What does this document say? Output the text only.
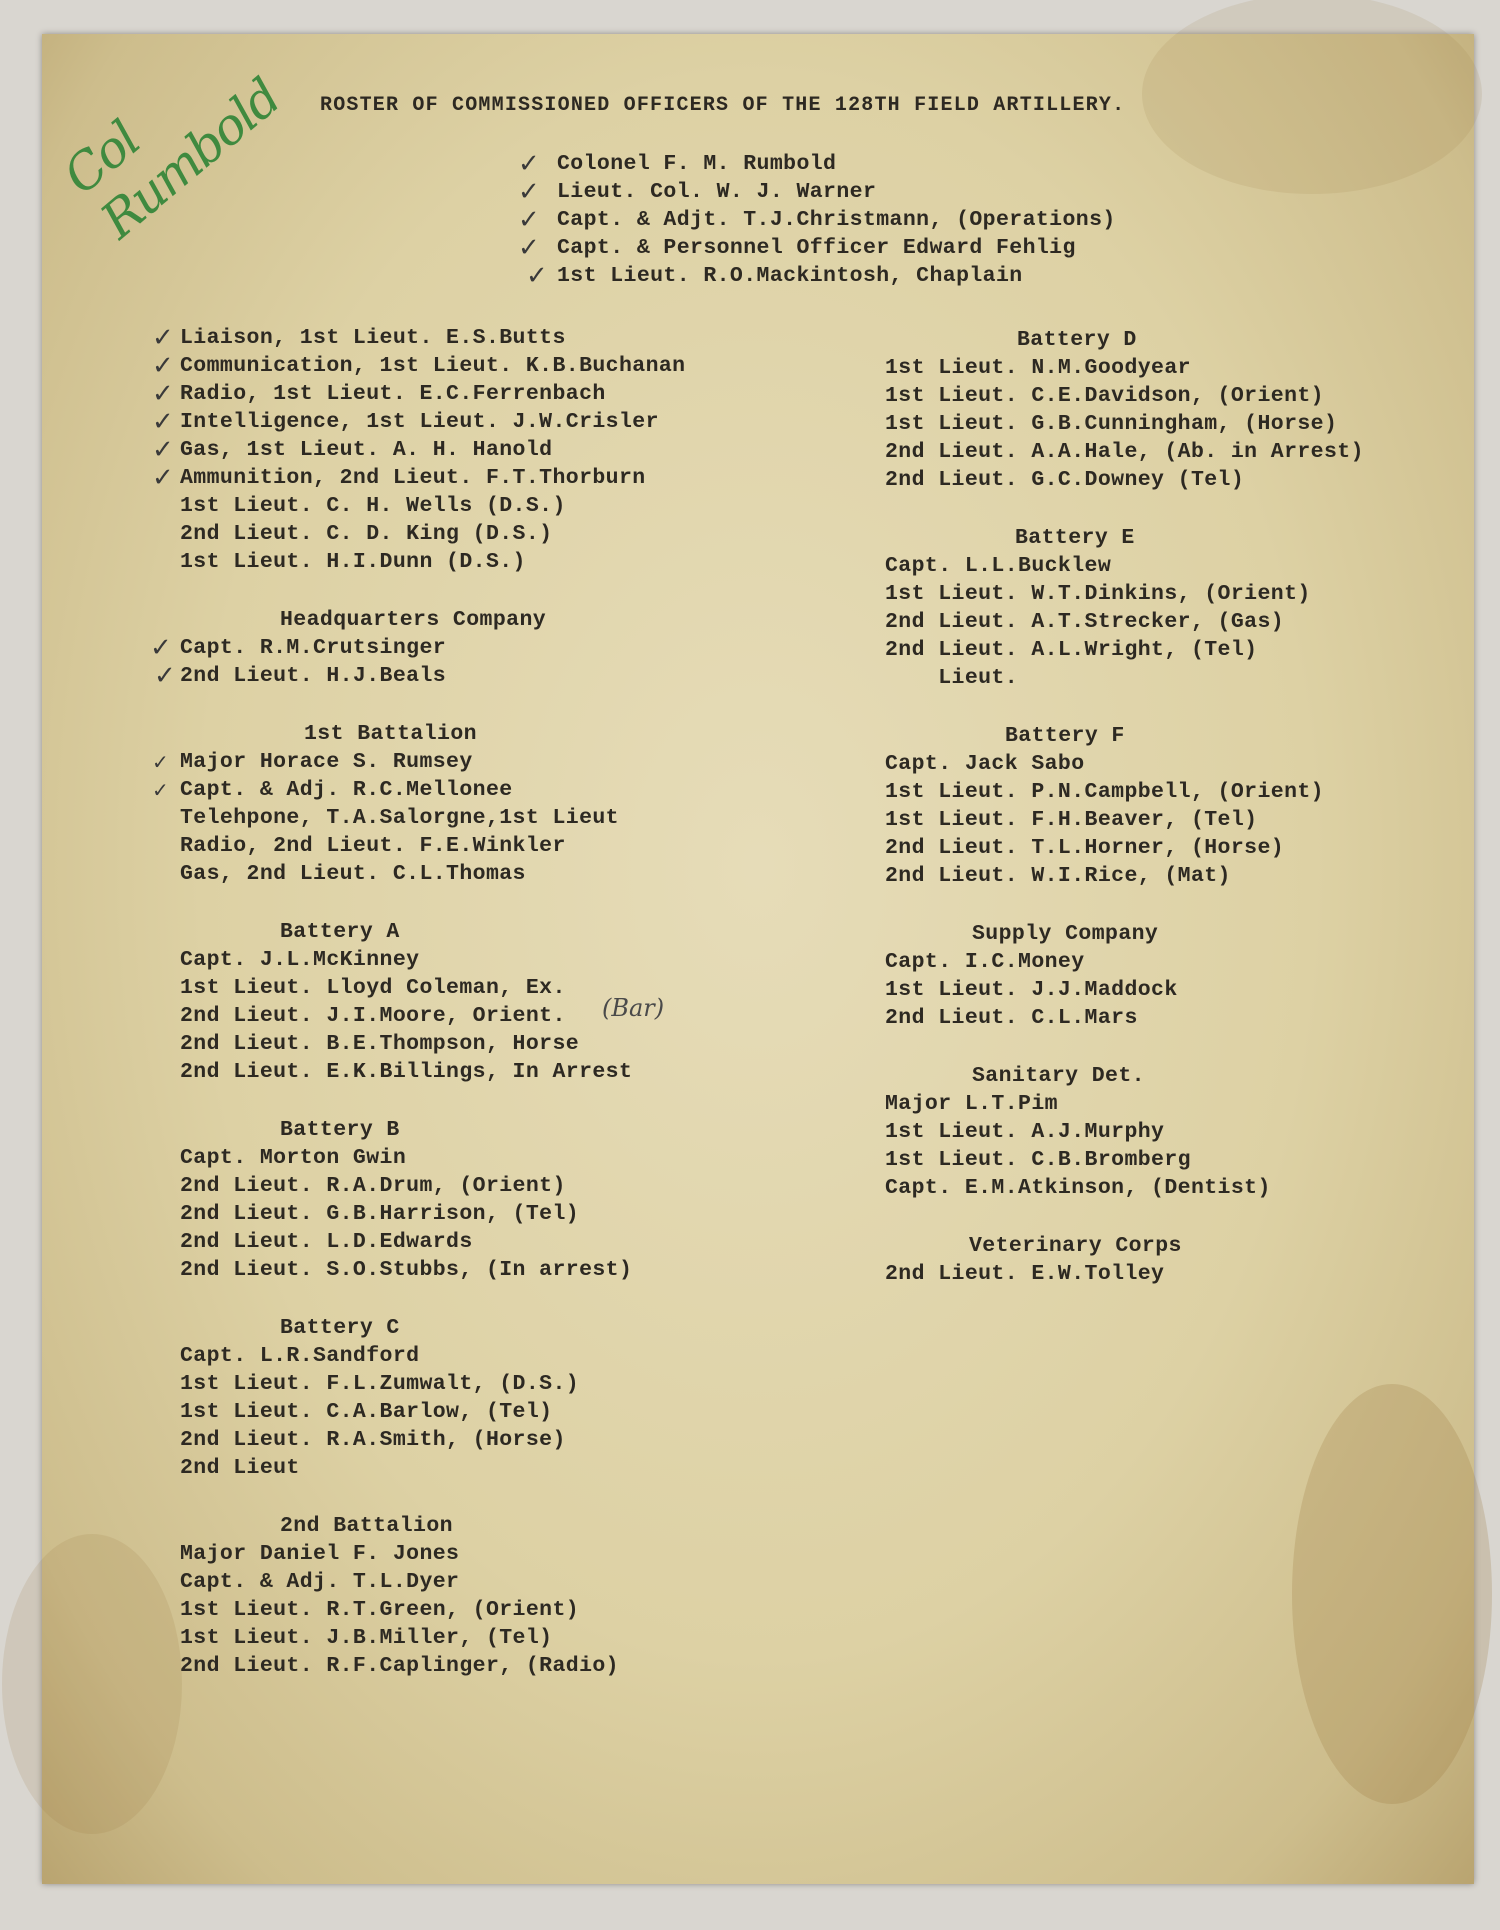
Col Rumbold ROSTER OF COMMISSIONED OFFICERS OF THE 128TH FIELD ARTILLERY.
✓
✓
✓
✓
✓
Colonel F. M. Rumbold
Lieut. Col. W. J. Warner
Capt. & Adjt. T.J.Christmann, (Operations)
Capt. & Personnel Officer Edward Fehlig
1st Lieut. R.O.Mackintosh, Chaplain
✓
✓
✓
✓
✓
✓
Liaison, 1st Lieut. E.S.Butts
Communication, 1st Lieut. K.B.Buchanan
Radio, 1st Lieut. E.C.Ferrenbach
Intelligence, 1st Lieut. J.W.Crisler
Gas, 1st Lieut. A. H. Hanold
Ammunition, 2nd Lieut. F.T.Thorburn
1st Lieut. C. H. Wells (D.S.)
2nd Lieut. C. D. King (D.S.)
1st Lieut. H.I.Dunn (D.S.)
Headquarters Company
✓
✓
Capt. R.M.Crutsinger
2nd Lieut. H.J.Beals
1st Battalion
✓
✓
Major Horace S. Rumsey
Capt. & Adj. R.C.Mellonee
Telehpone, T.A.Salorgne,1st Lieut
Radio, 2nd Lieut. F.E.Winkler
Gas, 2nd Lieut. C.L.Thomas
Battery A
Capt. J.L.McKinney
1st Lieut. Lloyd Coleman, Ex.
2nd Lieut. J.I.Moore, Orient.
2nd Lieut. B.E.Thompson, Horse
2nd Lieut. E.K.Billings, In Arrest
(Bar)
Battery B
Capt. Morton Gwin
2nd Lieut. R.A.Drum, (Orient)
2nd Lieut. G.B.Harrison, (Tel)
2nd Lieut. L.D.Edwards
2nd Lieut. S.O.Stubbs, (In arrest)
Battery C
Capt. L.R.Sandford
1st Lieut. F.L.Zumwalt, (D.S.)
1st Lieut. C.A.Barlow, (Tel)
2nd Lieut. R.A.Smith, (Horse)
2nd Lieut
2nd Battalion
Major Daniel F. Jones
Capt. & Adj. T.L.Dyer
1st Lieut. R.T.Green, (Orient)
1st Lieut. J.B.Miller, (Tel)
2nd Lieut. R.F.Caplinger, (Radio)
Battery D
1st Lieut. N.M.Goodyear
1st Lieut. C.E.Davidson, (Orient)
1st Lieut. G.B.Cunningham, (Horse)
2nd Lieut. A.A.Hale, (Ab. in Arrest)
2nd Lieut. G.C.Downey (Tel)
Battery E
Capt. L.L.Bucklew
1st Lieut. W.T.Dinkins, (Orient)
2nd Lieut. A.T.Strecker, (Gas)
2nd Lieut. A.L.Wright, (Tel)
Lieut.
Battery F
Capt. Jack Sabo
1st Lieut. P.N.Campbell, (Orient)
1st Lieut. F.H.Beaver, (Tel)
2nd Lieut. T.L.Horner, (Horse)
2nd Lieut. W.I.Rice, (Mat)
Supply Company
Capt. I.C.Money
1st Lieut. J.J.Maddock
2nd Lieut. C.L.Mars
Sanitary Det.
Major L.T.Pim
1st Lieut. A.J.Murphy
1st Lieut. C.B.Bromberg
Capt. E.M.Atkinson, (Dentist)
Veterinary Corps
2nd Lieut. E.W.Tolley
